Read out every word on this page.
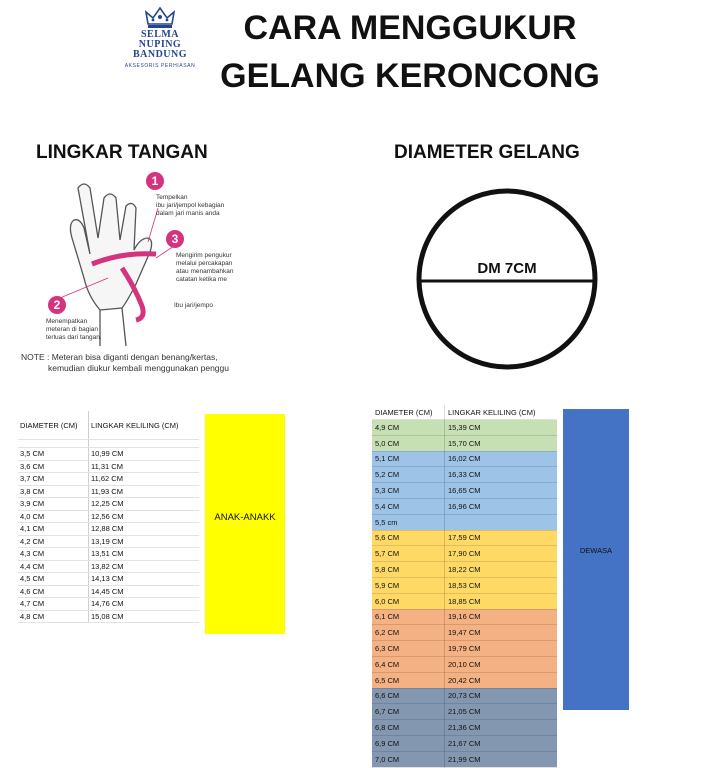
SELMA
NUPING
BANDUNG
AKSESORIS PERHIASAN
CARA MENGGUKUR
GELANG KERONCONG
LINGKAR TANGAN	DIAMETER GELANG
1
Tempelkan
ibu jari/jempol kebagian
dalam jari manis anda
3
Mengirim pengukur
melalui percakapan
atau menambahkan
catatan ketika me
Ibu jari/jempo
2
Menempatkan
meteran di bagian
terluas dari tangan.
NOTE : Meteran bisa diganti dengan benang/kertas,
kemudian diukur kembali menggunakan penggu
DM 7CM
ANAK-ANAKK
DIAMETER (CM)	LINGKAR KELILING (CM)

3,5 CM	10,99 CM
3,6 CM	11,31 CM
3,7 CM	11,62 CM
3,8 CM	11,93 CM
3,9 CM	12,25 CM
4,0 CM	12,56 CM
4,1 CM	12,88 CM
4,2 CM	13,19 CM
4,3 CM	13,51 CM
4,4 CM	13,82 CM
4,5 CM	14,13 CM
4,6 CM	14,45 CM
4,7 CM	14,76 CM
4,8 CM	15,08 CM
DEWASA
DIAMETER (CM)	LINGKAR KELILING (CM)
4,9 CM	15,39 CM
5,0 CM	15,70 CM
5,1 CM	16,02 CM
5,2 CM	16,33 CM
5,3 CM	16,65 CM
5,4 CM	16,96 CM
5,5 cm	
5,6 CM	17,59 CM
5,7 CM	17,90 CM
5,8 CM	18,22 CM
5,9 CM	18,53 CM
6,0 CM	18,85 CM
6,1 CM	19,16 CM
6,2 CM	19,47 CM
6,3 CM	19,79 CM
6,4 CM	20,10 CM
6,5 CM	20,42 CM
6,6 CM	20,73 CM
6,7 CM	21,05 CM
6,8 CM	21,36 CM
6,9 CM	21,67 CM
7,0 CM	21,99 CM
